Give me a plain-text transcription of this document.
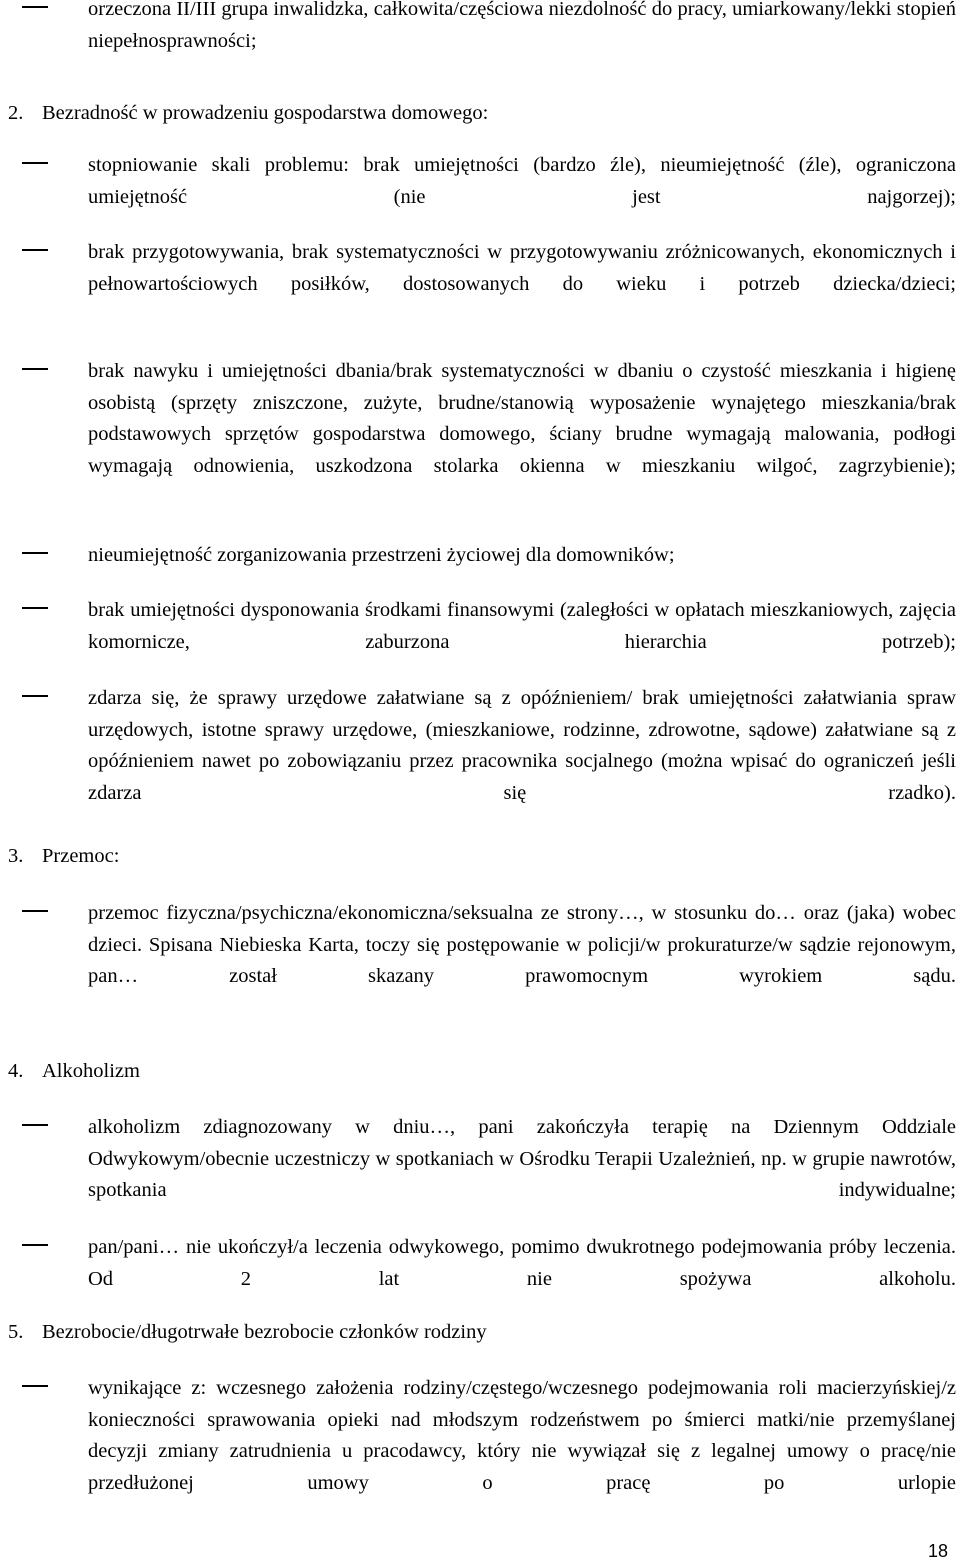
orzeczona II/III grupa inwalidzka, całkowita/częściowa niezdolność do pracy, umiarkowany/lekki stopień niepełnosprawności;
2. Bezradność w prowadzeniu gospodarstwa domowego:
stopniowanie skali problemu: brak umiejętności (bardzo źle), nieumiejętność (źle), ograniczona umiejętność (nie jest najgorzej);
brak przygotowywania, brak systematyczności w przygotowywaniu zróżnicowanych, ekonomicznych i pełnowartościowych posiłków, dostosowanych do wieku i potrzeb dziecka/dzieci;
brak nawyku i umiejętności dbania/brak systematyczności w dbaniu o czystość mieszkania i higienę osobistą (sprzęty zniszczone, zużyte, brudne/stanowią wyposażenie wynajętego mieszkania/brak podstawowych sprzętów gospodarstwa domowego, ściany brudne wymagają malowania, podłogi wymagają odnowienia, uszkodzona stolarka okienna w mieszkaniu wilgoć, zagrzybienie);
nieumiejętność zorganizowania przestrzeni życiowej dla domowników;
brak umiejętności dysponowania środkami finansowymi (zaległości w opłatach mieszkaniowych, zajęcia komornicze, zaburzona hierarchia potrzeb);
zdarza się, że sprawy urzędowe załatwiane są z opóźnieniem/ brak umiejętności załatwiania spraw urzędowych, istotne sprawy urzędowe, (mieszkaniowe, rodzinne, zdrowotne, sądowe) załatwiane są z opóźnieniem nawet po zobowiązaniu przez pracownika socjalnego (można wpisać do ograniczeń jeśli zdarza się rzadko).
3. Przemoc:
przemoc fizyczna/psychiczna/ekonomiczna/seksualna ze strony…, w stosunku do… oraz (jaka) wobec dzieci. Spisana Niebieska Karta, toczy się postępowanie w policji/w prokuraturze/w sądzie rejonowym, pan… został skazany prawomocnym wyrokiem sądu.
4. Alkoholizm
alkoholizm zdiagnozowany w dniu…, pani zakończyła terapię na Dziennym Oddziale Odwykowym/obecnie uczestniczy w spotkaniach w Ośrodku Terapii Uzależnień, np. w grupie nawrotów, spotkania indywidualne;
pan/pani… nie ukończył/a leczenia odwykowego, pomimo dwukrotnego podejmowania próby leczenia. Od 2 lat nie spożywa alkoholu.
5. Bezrobocie/długotrwałe bezrobocie członków rodziny
wynikające z: wczesnego założenia rodziny/częstego/wczesnego podejmowania roli macierzyńskiej/z konieczności sprawowania opieki nad młodszym rodzeństwem po śmierci matki/nie przemyślanej decyzji zmiany zatrudnienia u pracodawcy, który nie wywiązał się z legalnej umowy o pracę/nie przedłużonej umowy o pracę po urlopie
18
